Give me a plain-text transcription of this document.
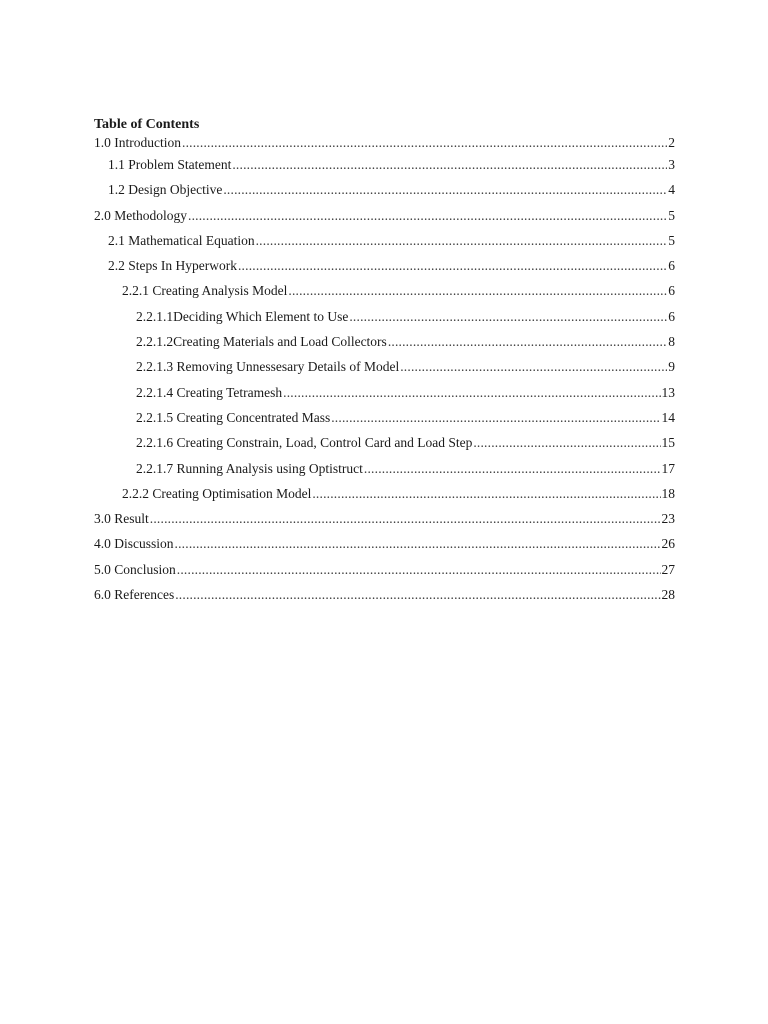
Table of Contents
1.0 Introduction .....	2
1.1 Problem Statement .....	3
1.2 Design Objective .....	4
2.0 Methodology .....	5
2.1 Mathematical Equation .....	5
2.2 Steps In Hyperwork .....	6
2.2.1 Creating Analysis Model .....	6
2.2.1.1Deciding Which Element to Use .....	6
2.2.1.2Creating Materials and Load Collectors .....	8
2.2.1.3 Removing Unnessesary Details of Model .....	9
2.2.1.4 Creating Tetramesh .....	13
2.2.1.5 Creating Concentrated Mass .....	14
2.2.1.6 Creating Constrain, Load, Control Card and Load Step .....	15
2.2.1.7 Running Analysis using Optistruct .....	17
2.2.2 Creating Optimisation Model .....	18
3.0 Result .....	23
4.0 Discussion .....	26
5.0 Conclusion .....	27
6.0 References .....	28
